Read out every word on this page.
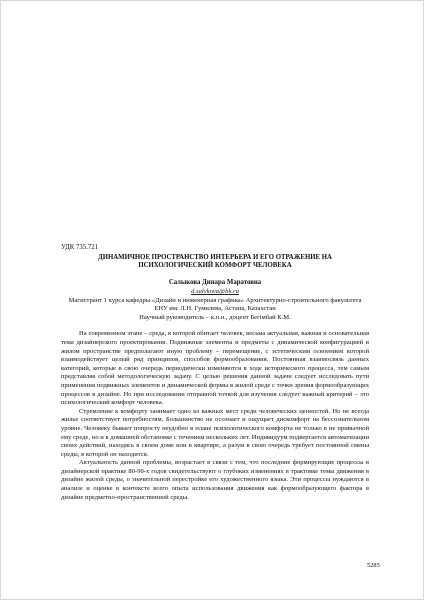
УДК 735.721

ДИНАМИЧНОЕ ПРОСТРАНСТВО ИНТЕРЬЕРА И ЕГО ОТРАЖЕНИЕ НА ПСИХОЛОГИЧЕСКИЙ КОМФОРТ ЧЕЛОВЕКА

Салыкова Динара Маратовна
d.salykova@bk.ru

Магистрант 1 курса кафедры «Дизайн и инженерная графика» Архитектурно-строительного факультета ЕНУ им. Л.Н. Гумилева, Астана, Казахстан

Научный руководитель – к.п.н., доцент Бегімбай К.М.

На современном этапе – среда, в которой обитает человек, весьма актуальная, важная и основательная тема дизайнерского проектирования. Подвижные элементы и предметы с динамической конфигурацией в жилом пространстве предполагают иную проблему – перемещение, с эстетическим освоением которой взаимодействует целый ряд принципов, способов формообразования. Постоянная взаимосвязь данных категорий, которые в свою очередь периодически изменяются в ходе исторического процесса, тем самым представляя собой методологическую задачу. С целью решения данной задачи следует исследовать пути применения подвижных элементов и динамической формы в жилой среде с точки зрения формообразующих процессов в дизайне. Но при исследовании отправной точкой для изучения следует важный критерий – это психологический комфорт человека.

Стремление к комфорту занимает одно из важных мест среди человеческих ценностей. Но не всегда жилье соответствует потребностям. Большинство не осознает и ощущает дискомфорт на бессознательном уровне. Человеку бывает попросту неудобно в плане психологического комфорта не только в не привычной ему среде, но и в домашней обстановке с течением нескольких лет. Индивидуум подвергается автоматизации своих действий, находясь в своем доме или в квартире, а разум в свою очередь требует постоянной смены среды, в которой он находится.

Актуальность данной проблемы, возрастает в связи с тем, что последние формирующие процессы в дизайнерской практике 80-90-х годов свидетельствуют о глубоких изменениях в трактовке темы движения в дизайне жилой среды, о значительной перестройке его художественного языка. Эти процессы нуждаются в анализе и оценке в контексте всего опыта использования движения как формообразующего фактора в дизайне предметно-пространственной среды.

5285
